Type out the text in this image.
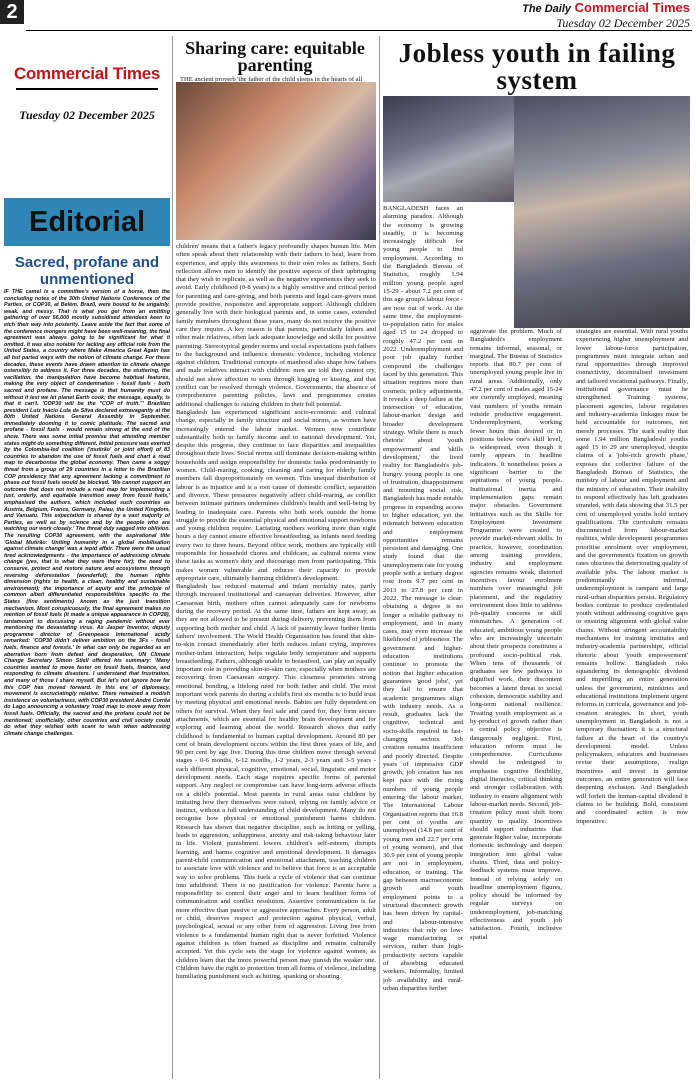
2	The Daily Commercial Times
Tuesday 02 December 2025
Commercial Times
Tuesday 02 December 2025
Editorial
Sacred, profane and unmentioned
IF THE camel is a committee's version of a horse, then the concluding notes of the 30th United Nations Conference of the Parties, or COP30, at Belém, Brazil, were bound to be ungainly, weak, and messy. That is what you get from an emitting gathering of over 56,000 mostly subsidised attendees keen to etch their way into posterity. Leave aside the fact that some of the conference mongers might have been well-meaning, the final agreement was always going to be significant for what it omitted. It was also notable for lacking any official role from the United States, a country where Make America Great Again has all but parted ways with the notion of climate change. For these decades, these events have drawn attention to climate change ostensibly to address it. For three decades, the stuttering, the vacillation, the manipulation have become habitual features, making the very object of condemnation - fossil fuels - both sacred and profane. The message is that humanity must do without it lest we let planet Earth cook; the message, equally, is that it can't. 'COP30 will be the "COP of truth."' Brazilian president Luiz Inácio Lula da Silva declared extravagantly at the 80th United Nations General Assembly in September, immediately dooming it to comic platitude. The sacred and profane - fossil fuels - would remain strong at the end of the show. There was some initial promise that attending member states might do something different. Initial pressure was exerted by the Colombia-led coalition ('mutirão' or joint effort) of 83 countries to abandon the use of fossil fuels and chart a road map to decarbonise the global economy. Then came a soggy threat from a group of 29 countries in a letter to the Brazilian COP presidency that any agreement lacking a commitment to phase out fossil fuels would be blocked. 'We cannot support an outcome that does not include a road map for implementing a just, orderly, and equitable transition away from fossil fuels,' emphasised the authors, which included such countries as Austria, Belgium, France, Germany, Palau, the United Kingdom, and Vanuatu. This expectation is shared by a vast majority of Parties, as well as by science and by the people who are watching our work closely.' The threat duly sagged into oblivion. The resulting COP30 agreement, with the aspirational title 'Global Mutirão: Uniting humanity in a global mobilisation against climate change' was a tepid affair. There were the usual tired acknowledgments - the importance of addressing climate change (yes, that is what they were there for); the need to conserve, protect and restore nature and ecosystems through reversing deforestation (wonderful); the human rights dimension (rights to health, a clean, healthy and sustainable environment); the importance of equity and the principle of common albeit differentiated responsibilities specific to the States (fine sentiments) known as the just transition mechanism. Most conspicuously, the final agreement makes no mention of fossil fuels (it made a unique appearance in COP28), tantamount to discussing a raging pandemic without ever mentioning the devastating virus. As Jasper Inventor, deputy programme director of Greenpeace International acidly remarked: 'COP30 didn't deliver ambition on the 3Fs - fossil fuels, finance and forests.' In what can only be regarded as an aberration born from defeat and desperation, UN Climate Change Secretary Simon Stiell offered his summary: 'Many countries wanted to move faster on fossil fuels, finance, and responding to climate disasters. I understand that frustration, and many of those I share myself. But let's not ignore how far this COP has moved forward. In this era of diplomacy, movement is excruciatingly relative. There remained a modish insistence on voluntariness, with COP30 president André Corrêa do Lago announcing a voluntary 'road map to move away from fossil fuels. Officially, the sacred and the profane could not be mentioned; unofficially, other countries and civil society could do what they wished with scant to wish when addressing climate change challenges.
Sharing care: equitable parenting
THE ancient proverb 'the father of the child sleeps in the hearts of all

children' means that a father's legacy profoundly shapes human life. Men often speak about their relationship with their fathers to heal, learn from experience, and apply this awareness to their own roles as fathers. Such reflection allows men to identify the positive aspects of their upbringing that they wish to replicate, as well as the negative experiences they seek to avoid. Early childhood (0-8 years) is a highly sensitive and critical period for parenting and care-giving, and both parents and legal care-givers must provide positive, responsive and appropriate support. Although children generally live with their biological parents and, in some cases, extended family members throughout these years, many do not receive the positive care they require. A key reason is that parents, particularly fathers and other male relatives, often lack adequate knowledge and skills for positive parenting. Stereotypical gender norms and social expectations push fathers to the background and influence domestic violence, including violence against children. Traditional concepts of manhood also shape how fathers and male relatives interact with children: men are told they cannot cry, should not show affection to sons through hugging or kissing, and that conflict can be resolved through violence. Governments, the absence of comprehensive parenting policies, laws and programmes creates additional challenges to raising children to their full potential.

Bangladesh has experienced significant socio-economic and cultural change, especially in family structure and social norms, as women have increasingly entered the labour market. Women now contribute substantially both to family income and to national development. Yet, despite this progress, they continue to face disparities and inequalities throughout their lives. Social norms still dominate decision-making within households and assign responsibility for domestic tasks predominantly to women. Child-rearing, cooking, cleaning and caring for elderly family members fall disproportionately on women. This unequal distribution of labour is as injustice and is a root cause of domestic conflict, separation and divorce. These pressures negatively affect child-rearing, as conflict between intimate partners undermines children's health and well-being by leading to inadequate care. Parents who both work outside the home struggle to provide the essential physical and emotional support newborns and young children require. Lactating mothers working more than eight hours a day cannot ensure effective breastfeeding, as infants need feeding every two to three hours. Beyond office work, mothers are typically still responsible for household chores and childcare, as cultural norms view these tasks as women's duty and discourage men from participating. This makes women vulnerable and reduces their capacity to provide appropriate care, ultimately harming children's development.

Bangladesh has reduced maternal and infant mortality rates, partly through increased institutional and caesarean deliveries. However, after Caesarean birth, mothers often cannot adequately care for newborns during the recovery period. At the same time, fathers are kept away, as they are not allowed to be present during delivery, preventing them from supporting both mother and child. A lack of paternity leave further limits fathers' involvement. The World Health Organisation has found that skin-to-skin contact immediately after birth reduces infant crying, improves mother-infant interaction, helps regulate body temperature and supports breastfeeding. Fathers, although unable to breastfeed, can play an equally important role in providing skin-to-skin care, especially when mothers are recovering from Caesarean surgery. This closeness promotes strong emotional bonding, a lifelong need for both father and child. The most important work parents do during a child's first six months is to build trust by meeting physical and emotional needs. Babies are fully dependent on others for survival. When they feel safe and cared for, they form secure attachments, which are essential for healthy brain development and for exploring and learning about the world. Research shows that early childhood is fundamental to human capital development. Around 80 per cent of brain development occurs within the first three years of life, and 90 per cent by age five. During this time children move through several stages - 0-6 months, 6-12 months, 1-2 years, 2-3 years and 3-5 years - each different physical, cognitive, emotional, social, linguistic and motor development needs. Each stage requires specific forms of parental support. Any neglect or compromise can have long-term adverse effects on a child's potential. Most parents in rural areas raise children by imitating how they themselves were raised, relying on family advice or instinct, without a full understanding of child development. Many do not recognise how physical or emotional punishment harms children. Research has shown that negative discipline, such as hitting or yelling, leads to aggression, unhappiness, anxiety and risk-taking behaviour later in life. Violent punishment lowers children's self-esteem, disrupts learning, and harms cognitive and emotional development. It damages parent-child communication and emotional attachment, teaching children to associate love with violence and to believe that force is an acceptable way to solve problems. This fuels a cycle of violence that can continue into adulthood. There is no justification for violence. Parents have a responsibility to control their anger and to learn healthier forms of communication and conflict resolution. Assertive communication is far more effective than passive or aggressive approaches. Every person, adult or child, deserves respect and protection against physical, verbal, psychological, sexual or any other form of aggression. Living free from violence is a fundamental human right that is never forfeited. Violence against children is often framed as discipline and remains culturally accepted. Yet this cycle sets the stage for violence against women, as children learn that the more powerful person may punish the weaker one. Children have the right to protection from all forms of violence, including humiliating punishment such as hitting, spanking or shouting.

Jobless youth in failing system
BANGLADESH faces an alarming paradox. Although the economy is growing steadily, it is becoming increasingly difficult for young people to find employment. According to the Bangladesh Bureau of Statistics, roughly 1.94 million young people aged 15-29 - about 7.2 per cent of this age group's labour force - are now out of work. At the same time, the employment-to-population ratio for males aged 15 to 24 dropped to roughly 47.2 per cent in 2022. Underemployment and poor job quality further compound the challenges faced by this generation. This situation requires more than cosmetic policy adjustments. It reveals a deep failure at the intersection of education, labour-market design and broader development strategy. While there is much rhetoric about 'youth empowerment' and 'skills development,' the lived reality for Bangladesh's job-hungry young people is one of frustration, disappointment and mounting social risk. Bangladesh has made notable progress in expanding access to higher education, yet the mismatch between education and employment opportunities remains persistent and damaging. One study found that the unemployment rate for young people with a tertiary degree rose from 9.7 per cent in 2013 to 27.8 per cent in 2022. The message is clear: obtaining a degree is no longer a reliable pathway to employment, and in many cases, may even increase the likelihood of joblessness. The government and higher-education institutions continue to promote the notion that higher education guarantees 'good jobs', yet they fail to ensure that academic programmes align with industry needs. As a result, graduates lack the cognitive, technical and socio-skills required in fast-changing sectors. Job creation remains insufficient and poorly directed. Despite years of impressive GDP growth, job creation has not kept pace with the rising numbers of young people entering the labour market. The International Labour Organisation reports that 16.8 per cent of youths are unemployed (14.8 per cent of young men and 22.7 per cent of young women), and that 30.9 per cent of young people are not in employment, education, or training. The gap between macroeconomic growth and youth employment points to a structural disconnect: growth has been driven by capital- and labour-intensive industries that rely on low-wage manufacturing or services, rather than high-productivity sectors capable of absorbing educated workers. Informality, limited job availability and rural-urban disparities further
aggravate the problem. Much of Bangladesh's employment remains informal, seasonal, or marginal. The Bureau of Statistics reports that 80.7 per cent of unemployed young people live in rural areas. Additionally, only 47.2 per cent of males aged 15-24 are currently employed, meaning vast numbers of youths remain outside productive engagement. Underemployment, working fewer hours than desired or in positions below one's skill level, is widespread, even though it rarely appears in headline indicators. It nonetheless poses a significant barrier to the aspirations of young people. Institutional inertia and implementation gaps remain major obstacles. Government initiatives such as the Skills for Employment Investment Programme were created to provide market-relevant skills. In practice, however, coordination among training providers, industry and employment agencies remains weak, distorted incentives favour enrolment numbers over meaningful job placement, and the regulatory environment does little to address job-quality concerns or skill mismatches. A generation of educated, ambitious young people who are increasingly uncertain about their prospects constitutes a profound socio-political risk. When tens of thousands of graduates see few pathways to dignified work, their discontent becomes a latent threat to social cohesion, democratic stability and long-term national resilience. Treating youth employment as a by-product of growth rather than a central policy objective is dangerously negligent. First, education reform must be comprehensive. Curriculums should be redesigned to emphasise cognitive flexibility, digital literacies, critical thinking and stronger collaboration with industry to ensure alignment with labour-market needs. Second, job-creation policy must shift from quantity to quality. Incentives should support industries that generate higher value, incorporate domestic technology and deepen integration into global value chains. Third, data and policy-feedback systems must improve. Instead of relying solely on headline unemployment figures, policy should be informed by regular surveys on underemployment, job-matching effectiveness and youth job satisfaction. Fourth, inclusive spatial
strategies are essential. With rural youths experiencing higher unemployment and lower labour-force participation, programmes must integrate urban and rural opportunities through improved connectivity, decentralised investment and tailored vocational pathways. Finally, institutional governance must be strengthened. Training systems, placement agencies, labour regulators and industry-academia linkages must be held accountable for outcomes, not merely processes. The stark reality that some 1.94 million Bangladeshi youths aged 15 to 29 are unemployed, despite claims of a 'jobs-rich growth phase,' exposes the collective failure of the Bangladesh Bureau of Statistics, the ministry of labour and employment and the ministry of education. Their inability to respond effectively has left graduates stranded, with data showing that 31.5 per cent of unemployed youths hold tertiary qualifications. The curriculum remains disconnected from labour-market realities, while development programmes prioritise enrolment over employment, and the government's fixation on growth rates obscures the deteriorating quality of available jobs. The labour market is predominantly informal, underemployment is rampant and large rural-urban disparities persist. Regulatory bodies continue to produce credentialed youth without addressing cognitive gaps or ensuring alignment with global value chains. Without stringent accountability mechanisms for training institutes and industry-academia partnerships, official rhetoric about 'youth empowerment' remains hollow. Bangladesh risks squandering its demographic dividend and imperilling an entire generation unless the government, ministries and educational institutions implement urgent reforms in curricula, governance and job-creation strategies. In short, youth unemployment in Bangladesh is not a temporary fluctuation; it is a structural failure at the heart of the country's development model. Unless policymakers, educators and businesses revise their assumptions, realign incentives and invest in genuine outcomes, an entire generation will face deepening exclusion. And Bangladesh will forfeit the human-capital dividend it claims to be building. Bold, consistent and coordinated action is now imperative.
